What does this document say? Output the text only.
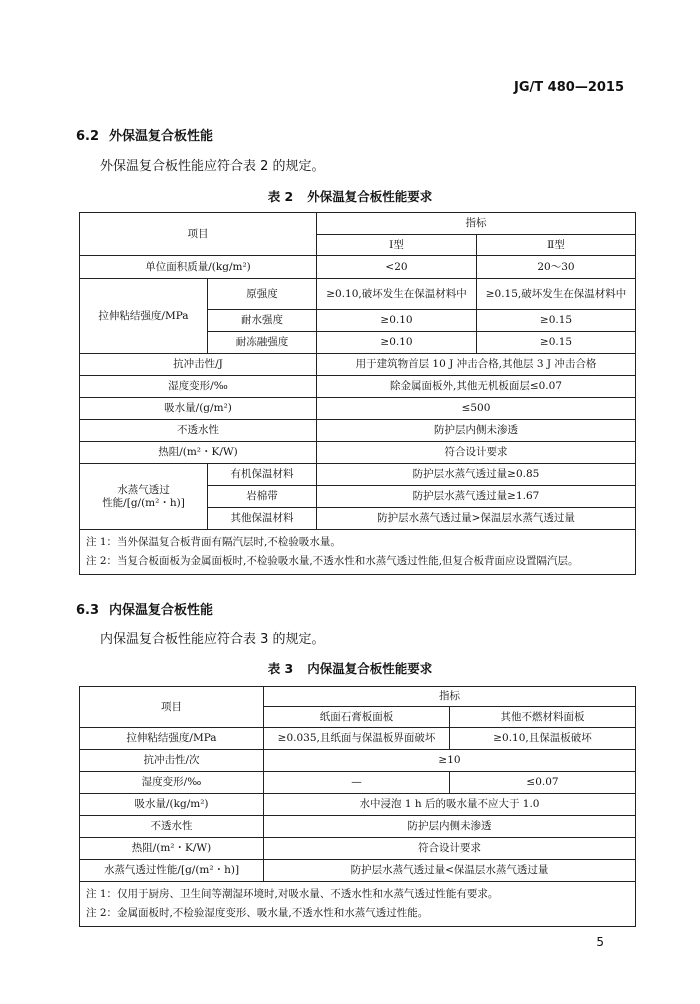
JG/T 480—2015
6.2 外保温复合板性能
外保温复合板性能应符合表 2 的规定。
表 2 外保温复合板性能要求
项目		指标	
		Ⅰ型	Ⅱ型
单位面积质量/(kg/m²)		<20	20～30
拉伸粘结强度/MPa	原强度	≥0.10,破坏发生在保温材料中	≥0.15,破坏发生在保温材料中
	耐水强度	≥0.10	≥0.15
	耐冻融强度	≥0.10	≥0.15
抗冲击性/J		用于建筑物首层 10 J 冲击合格,其他层 3 J 冲击合格	
湿度变形/‰		除金属面板外,其他无机板面层≤0.07	
吸水量/(g/m²)		≤500	
不透水性		防护层内侧未渗透	
热阻/(m²・K/W)		符合设计要求	

水蒸气透过
性能/[g/(m²・h)]	有机保温材料	防护层水蒸气透过量≥0.85	
	岩棉带	防护层水蒸气透过量≥1.67	
	其他保温材料	防护层水蒸气透过量>保温层水蒸气透过量	

注 1：当外保温复合板背面有隔汽层时,不检验吸水量。
注 2：当复合板面板为金属面板时,不检验吸水量,不透水性和水蒸气透过性能,但复合板背面应设置隔汽层。			
6.3 内保温复合板性能
内保温复合板性能应符合表 3 的规定。
表 3 内保温复合板性能要求
项目	指标	
	纸面石膏板面板	其他不燃材料面板
拉伸粘结强度/MPa	≥0.035,且纸面与保温板界面破坏	≥0.10,且保温板破坏
抗冲击性/次	≥10	
湿度变形/‰	—	≤0.07
吸水量/(kg/m²)	水中浸泡 1 h 后的吸水量不应大于 1.0	
不透水性	防护层内侧未渗透	
热阻/(m²・K/W)	符合设计要求	
水蒸气透过性能/[g/(m²・h)]	防护层水蒸气透过量<保温层水蒸气透过量	

注 1：仅用于厨房、卫生间等潮湿环境时,对吸水量、不透水性和水蒸气透过性能有要求。
注 2：金属面板时,不检验湿度变形、吸水量,不透水性和水蒸气透过性能。		
5
